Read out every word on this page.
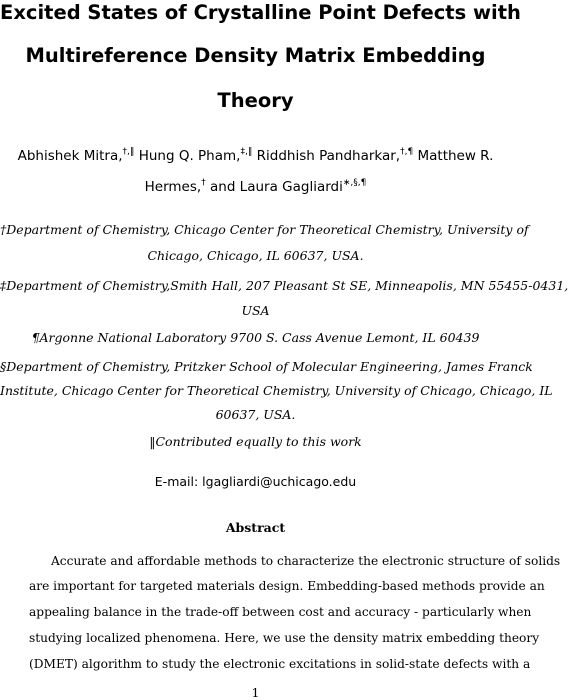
Excited States of Crystalline Point Defects with
Multireference Density Matrix Embedding
Theory
Abhishek Mitra,†,‖ Hung Q. Pham,‡,‖ Riddhish Pandharkar,†,¶ Matthew R.
Hermes,† and Laura Gagliardi∗,§,¶
†Department of Chemistry, Chicago Center for Theoretical Chemistry, University of
Chicago, Chicago, IL 60637, USA.
‡Department of Chemistry,Smith Hall, 207 Pleasant St SE, Minneapolis, MN 55455-0431,
USA
¶Argonne National Laboratory 9700 S. Cass Avenue Lemont, IL 60439
§Department of Chemistry, Pritzker School of Molecular Engineering, James Franck
Institute, Chicago Center for Theoretical Chemistry, University of Chicago, Chicago, IL
60637, USA.
‖Contributed equally to this work
E-mail: lgagliardi@uchicago.edu
Abstract
Accurate and affordable methods to characterize the electronic structure of solids
are important for targeted materials design. Embedding-based methods provide an
appealing balance in the trade-off between cost and accuracy - particularly when
studying localized phenomena. Here, we use the density matrix embedding theory
(DMET) algorithm to study the electronic excitations in solid-state defects with a
1
